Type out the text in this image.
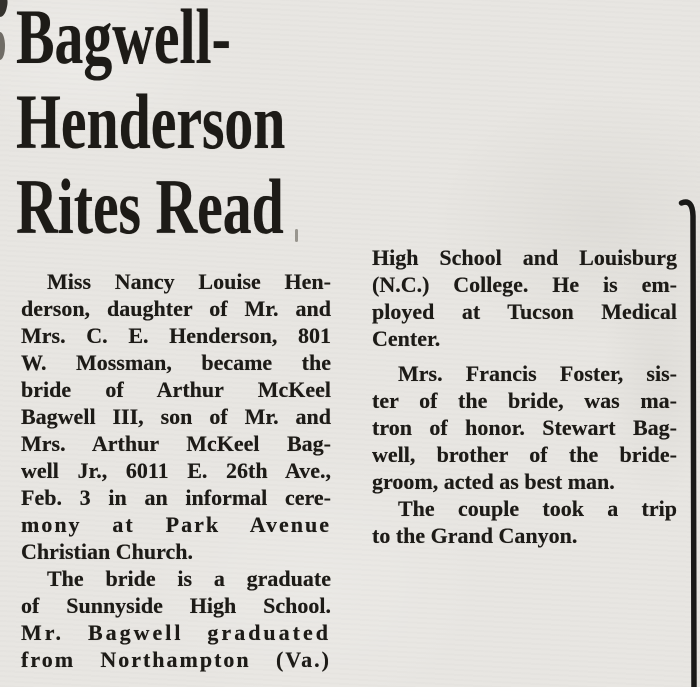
Bagwell-
Henderson
Rites Read

Miss Nancy Louise Hen-
derson, daughter of Mr. and
Mrs. C. E. Henderson, 801
W. Mossman, became the
bride of Arthur McKeel
Bagwell III, son of Mr. and
Mrs. Arthur McKeel Bag-
well Jr., 6011 E. 26th Ave.,
Feb. 3 in an informal cere-
mony at Park Avenue
Christian Church.

The bride is a graduate
of Sunnyside High School.
Mr. Bagwell graduated
from Northampton (Va.)

High School and Louisburg
(N.C.) College. He is em-
ployed at Tucson Medical
Center.

Mrs. Francis Foster, sis-
ter of the bride, was ma-
tron of honor. Stewart Bag-
well, brother of the bride-
groom, acted as best man.

The couple took a trip
to the Grand Canyon.
